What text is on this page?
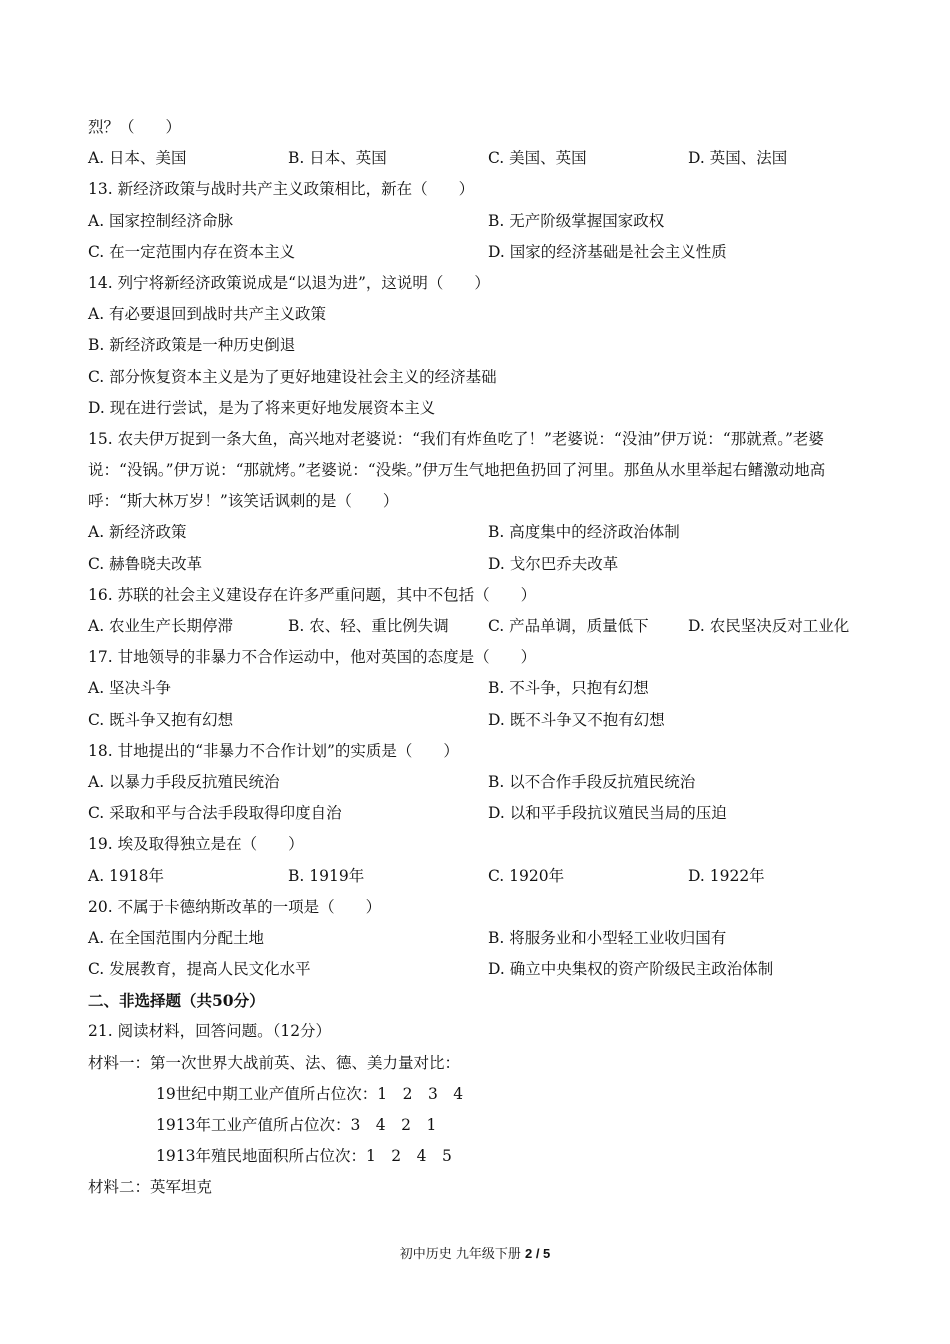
烈？（　　）
A. 日本、美国	B. 日本、英国	C. 美国、英国	D. 英国、法国
13. 新经济政策与战时共产主义政策相比，新在（　　）
A. 国家控制经济命脉	B. 无产阶级掌握国家政权
C. 在一定范围内存在资本主义	D. 国家的经济基础是社会主义性质
14. 列宁将新经济政策说成是“以退为进”，这说明（　　）
A. 有必要退回到战时共产主义政策
B. 新经济政策是一种历史倒退
C. 部分恢复资本主义是为了更好地建设社会主义的经济基础
D. 现在进行尝试，是为了将来更好地发展资本主义
15. 农夫伊万捉到一条大鱼，高兴地对老婆说：“我们有炸鱼吃了！”老婆说：“没油”伊万说：“那就煮。”老婆说：“没锅。”伊万说：“那就烤。”老婆说：“没柴。”伊万生气地把鱼扔回了河里。那鱼从水里举起右鳍激动地高呼：“斯大林万岁！”该笑话讽刺的是（　　）
A. 新经济政策	B. 高度集中的经济政治体制
C. 赫鲁晓夫改革	D. 戈尔巴乔夫改革
16. 苏联的社会主义建设存在许多严重问题，其中不包括（　　）
A. 农业生产长期停滞	B. 农、轻、重比例失调	C. 产品单调，质量低下	D. 农民坚决反对工业化
17. 甘地领导的非暴力不合作运动中，他对英国的态度是（　　）
A. 坚决斗争	B. 不斗争，只抱有幻想
C. 既斗争又抱有幻想	D. 既不斗争又不抱有幻想
18. 甘地提出的“非暴力不合作计划”的实质是（　　）
A. 以暴力手段反抗殖民统治	B. 以不合作手段反抗殖民统治
C. 采取和平与合法手段取得印度自治	D. 以和平手段抗议殖民当局的压迫
19. 埃及取得独立是在（　　）
A. 1918年	B. 1919年	C. 1920年	D. 1922年
20. 不属于卡德纳斯改革的一项是（　　）
A. 在全国范围内分配土地	B. 将服务业和小型轻工业收归国有
C. 发展教育，提高人民文化水平	D. 确立中央集权的资产阶级民主政治体制
二、非选择题（共50分）
21. 阅读材料，回答问题。（12分）
材料一：第一次世界大战前英、法、德、美力量对比：
19世纪中期工业产值所占位次：1　2　3　4
1913年工业产值所占位次：3　4　2　1
1913年殖民地面积所占位次：1　2　4　5
材料二：英军坦克
初中历史 九年级下册 2 / 5
